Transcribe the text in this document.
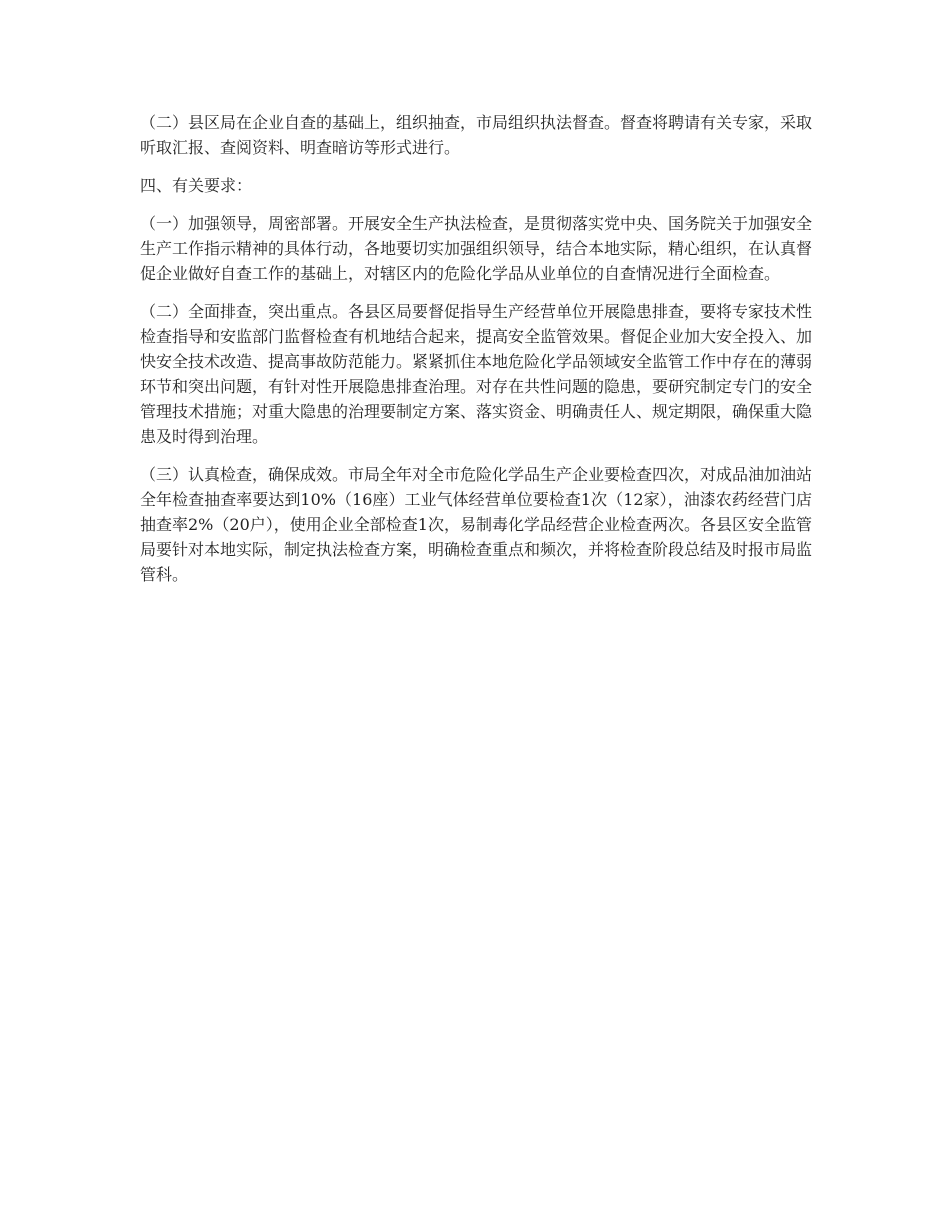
（二）县区局在企业自查的基础上，组织抽查，市局组织执法督查。督查将聘请有关专家，采取听取汇报、查阅资料、明查暗访等形式进行。

四、有关要求：

（一）加强领导，周密部署。开展安全生产执法检查，是贯彻落实党中央、国务院关于加强安全生产工作指示精神的具体行动，各地要切实加强组织领导，结合本地实际，精心组织，在认真督促企业做好自查工作的基础上，对辖区内的危险化学品从业单位的自查情况进行全面检查。

（二）全面排查，突出重点。各县区局要督促指导生产经营单位开展隐患排查，要将专家技术性检查指导和安监部门监督检查有机地结合起来，提高安全监管效果。督促企业加大安全投入、加快安全技术改造、提高事故防范能力。紧紧抓住本地危险化学品领域安全监管工作中存在的薄弱环节和突出问题，有针对性开展隐患排查治理。对存在共性问题的隐患，要研究制定专门的安全管理技术措施；对重大隐患的治理要制定方案、落实资金、明确责任人、规定期限，确保重大隐患及时得到治理。

（三）认真检查，确保成效。市局全年对全市危险化学品生产企业要检查四次，对成品油加油站全年检查抽查率要达到10%（16座）工业气体经营单位要检查1次（12家），油漆农药经营门店抽查率2%（20户），使用企业全部检查1次，易制毒化学品经营企业检查两次。各县区安全监管局要针对本地实际，制定执法检查方案，明确检查重点和频次，并将检查阶段总结及时报市局监管科。
